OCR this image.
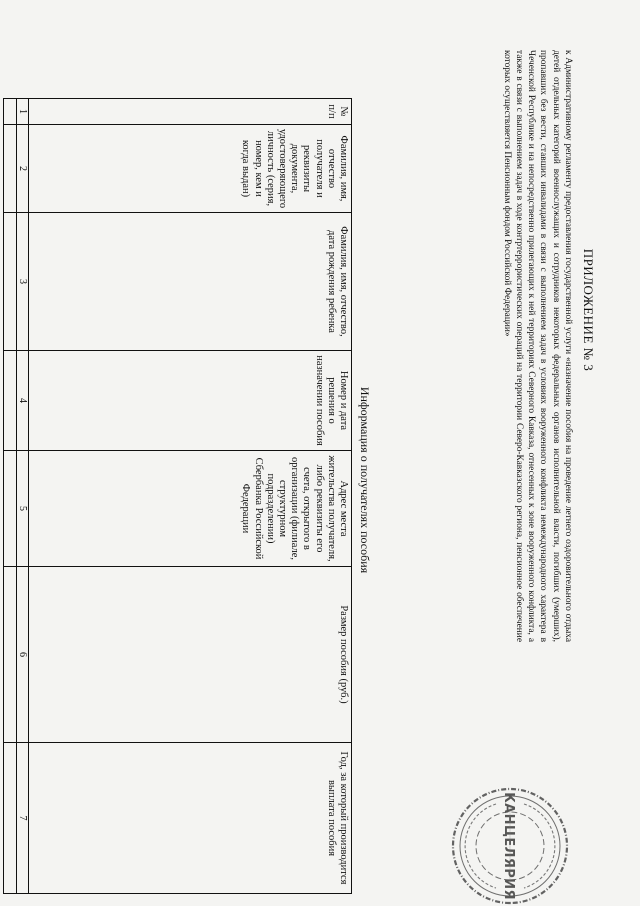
ПРИЛОЖЕНИЕ № 3
к Административному регламенту предоставления государственной услуги «назначение пособия на проведение летнего оздоровительного отдыха детей отдельных категорий военнослужащих и сотрудников некоторых федеральных органов исполнительной власти, погибших (умерших), пропавших без вести, ставших инвалидами в связи с выполнением задач в условиях вооруженного конфликта немеждународного характера в Чеченской Республике и на непосредственно прилегающих к ней территориях Северного Кавказа, отнесенных к зоне вооруженного конфликта, а также в связи с выполнением задач в ходе контртеррористических операций на территории Северо-Кавказского региона, пенсионное обеспечение которых осуществляется Пенсионным фондом Российской Федерации»
Информация о получателях пособия
№ п/п	Фамилия, имя, отчество получателя и реквизиты документа, удостоверяющего личность (серия, номер, кем и когда выдан)	Фамилия, имя, отчество, дата рождения ребенка	Номер и дата решения о назначении пособия	Адрес места жительства получателя, либо реквизиты его счета, открытого в организации (филиале, структурном подразделении) Сбербанка Российской Федерации	Размер пособия (руб.)	Год, за который производится выплата пособия
1	2	3	4	5	6	7
							КАНЦЕЛЯРИЯ
